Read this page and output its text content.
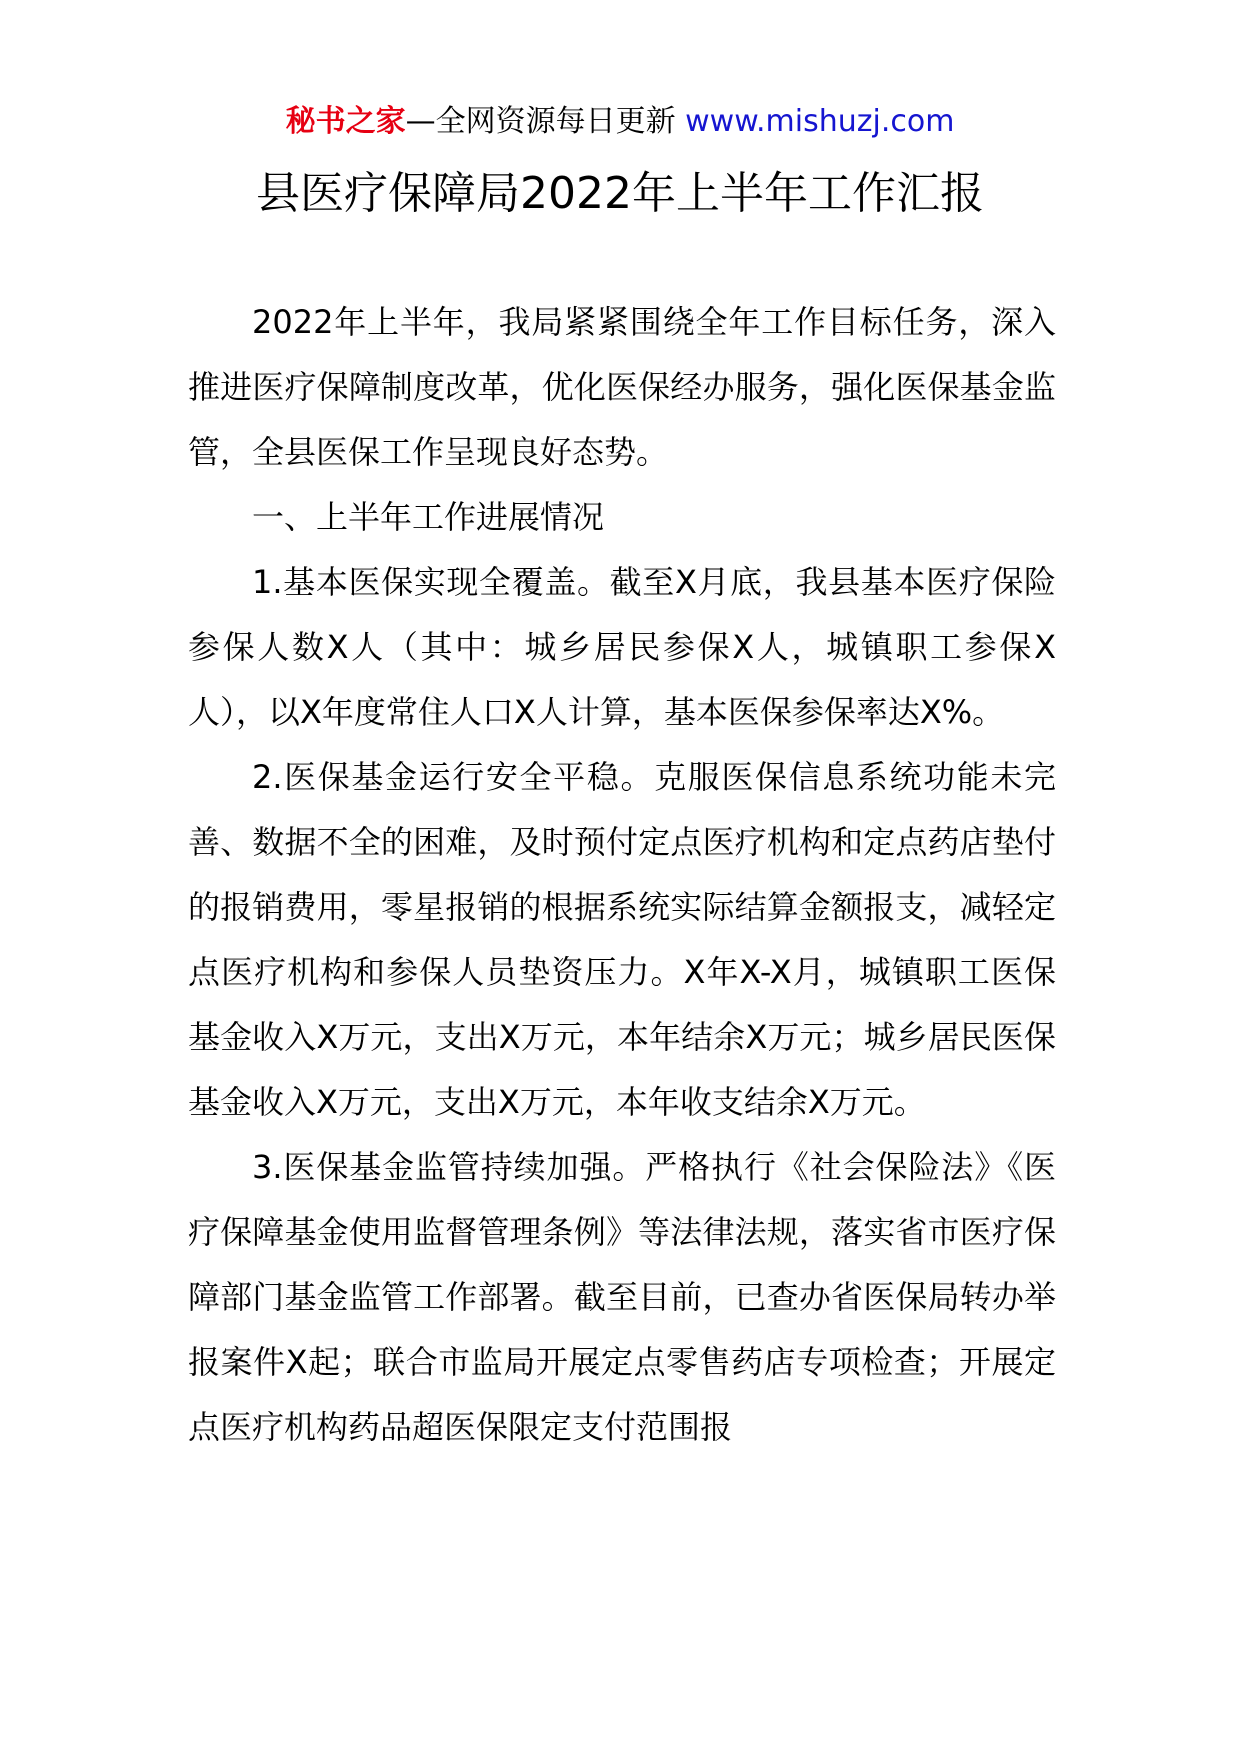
秘书之家—全网资源每日更新 www.mishuzj.com
县医疗保障局2022年上半年工作汇报

2022年上半年，我局紧紧围绕全年工作目标任务，深入推进医疗保障制度改革，优化医保经办服务，强化医保基金监管，全县医保工作呈现良好态势。

一、上半年工作进展情况

1.基本医保实现全覆盖。截至X月底，我县基本医疗保险参保人数X人（其中：城乡居民参保X人，城镇职工参保X人），以X年度常住人口X人计算，基本医保参保率达X%。

2.医保基金运行安全平稳。克服医保信息系统功能未完善、数据不全的困难，及时预付定点医疗机构和定点药店垫付的报销费用，零星报销的根据系统实际结算金额报支，减轻定点医疗机构和参保人员垫资压力。X年X-X月，城镇职工医保基金收入X万元，支出X万元，本年结余X万元；城乡居民医保基金收入X万元，支出X万元，本年收支结余X万元。

3.医保基金监管持续加强。严格执行《社会保险法》《医疗保障基金使用监督管理条例》等法律法规，落实省市医疗保障部门基金监管工作部署。截至目前，已查办省医保局转办举报案件X起；联合市监局开展定点零售药店专项检查；开展定点医疗机构药品超医保限定支付范围报
